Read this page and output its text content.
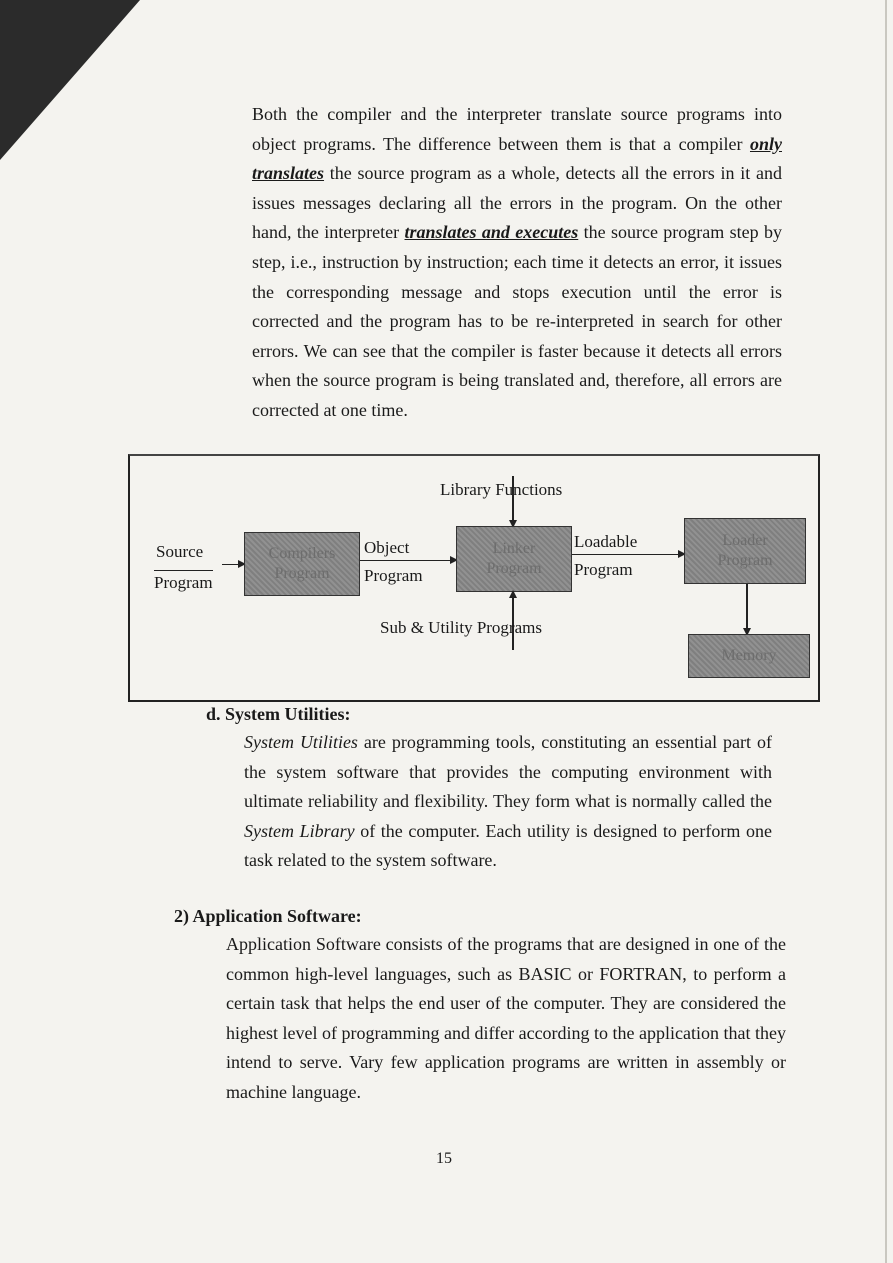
Both the compiler and the interpreter translate source programs into object programs. The difference between them is that a compiler only translates the source program as a whole, detects all the errors in it and issues messages declaring all the errors in the program. On the other hand, the interpreter translates and executes the source program step by step, i.e., instruction by instruction; each time it detects an error, it issues the corresponding message and stops execution until the error is corrected and the program has to be re-interpreted in search for other errors. We can see that the compiler is faster because it detects all errors when the source program is being translated and, therefore, all errors are corrected at one time.

Source
Program
Compilers
Program
Object
Program
Library Functions
Linker
Program
Loadable
Program
Loader
Program
Sub & Utility Programs
Memory
d. System Utilities:

System Utilities are programming tools, constituting an essential part of the system software that provides the computing environment with ultimate reliability and flexibility. They form what is normally called the System Library of the computer. Each utility is designed to perform one task related to the system software.

2) Application Software:

Application Software consists of the programs that are designed in one of the common high-level languages, such as BASIC or FORTRAN, to perform a certain task that helps the end user of the computer. They are considered the highest level of programming and differ according to the application that they intend to serve. Vary few application programs are written in assembly or machine language.

15
